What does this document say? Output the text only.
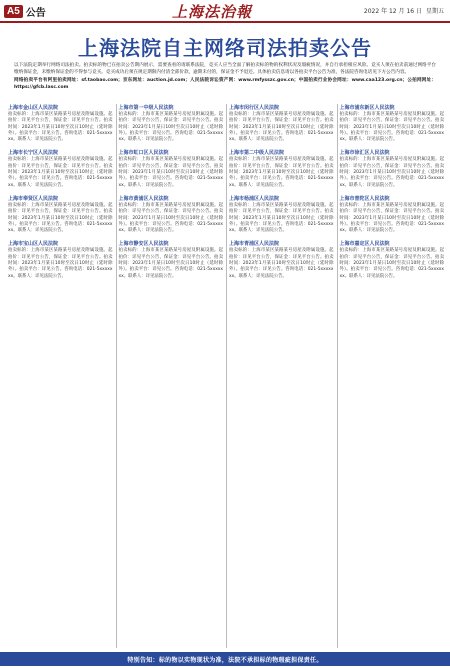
A5 公告	上海法治報	2022 年 12 月 16 日 星期五
上海法院自主网络司法拍卖公告

以下法院定期举行网络司法拍卖。拍卖标的物已在拍卖公告期内展示，需要查看的请联系法院，竞买人应当全面了解拍卖标的物的权利状况及瑕疵情况，并自行承担相应风险。竞买人须在拍卖前通过网络平台缴纳保证金，未缴纳保证金的不得参与竞买。竞买成功后须在规定期限内付清全部价款，逾期未付的，保证金不予退还。具体拍卖信息请以各拍卖平台公告为准，各法院咨询电话见下方公告内容。

网络拍卖平台有阿里拍卖网址：sf.taobao.com；京东网址：auction.jd.com；人民法院诉讼资产网：www.rmfysszc.gov.cn；中国拍卖行业协会网址：www.caa123.org.cn；公拍网网址：https://gfcb.lasc.com

上海市金山区人民法院
拍卖标的：上海市某区某路某号房屋及附属设施。起拍价：详见平台公告，保证金：详见平台公告。拍卖时间：2023年1月某日10时至次日10时止（延时除外）。拍卖平台：详见公告。咨询电话：021-5xxxxxxx。联系人：详见法院公告。
上海市长宁区人民法院
拍卖标的：上海市某区某路某号房屋及附属设施。起拍价：详见平台公告，保证金：详见平台公告。拍卖时间：2023年1月某日10时至次日10时止（延时除外）。拍卖平台：详见公告。咨询电话：021-5xxxxxxx。联系人：详见法院公告。
上海市奉贤区人民法院
拍卖标的：上海市某区某路某号房屋及附属设施。起拍价：详见平台公告，保证金：详见平台公告。拍卖时间：2023年1月某日10时至次日10时止（延时除外）。拍卖平台：详见公告。咨询电话：021-5xxxxxxx。联系人：详见法院公告。
上海市宝山区人民法院
拍卖标的：上海市某区某路某号房屋及附属设施。起拍价：详见平台公告，保证金：详见平台公告。拍卖时间：2023年1月某日10时至次日10时止（延时除外）。拍卖平台：详见公告。咨询电话：021-5xxxxxxx。联系人：详见法院公告。
上海市第一中级人民法院
拍卖标的：上海市某区某路某号房屋及附属设施。起拍价：详见平台公告，保证金：详见平台公告。拍卖时间：2023年1月某日10时至次日10时止（延时除外）。拍卖平台：详见公告。咨询电话：021-5xxxxxxx。联系人：详见法院公告。
上海市虹口区人民法院
拍卖标的：上海市某区某路某号房屋及附属设施。起拍价：详见平台公告，保证金：详见平台公告。拍卖时间：2023年1月某日10时至次日10时止（延时除外）。拍卖平台：详见公告。咨询电话：021-5xxxxxxx。联系人：详见法院公告。
上海市黄浦区人民法院
拍卖标的：上海市某区某路某号房屋及附属设施。起拍价：详见平台公告，保证金：详见平台公告。拍卖时间：2023年1月某日10时至次日10时止（延时除外）。拍卖平台：详见公告。咨询电话：021-5xxxxxxx。联系人：详见法院公告。
上海市静安区人民法院
拍卖标的：上海市某区某路某号房屋及附属设施。起拍价：详见平台公告，保证金：详见平台公告。拍卖时间：2023年1月某日10时至次日10时止（延时除外）。拍卖平台：详见公告。咨询电话：021-5xxxxxxx。联系人：详见法院公告。
上海市闵行区人民法院
拍卖标的：上海市某区某路某号房屋及附属设施。起拍价：详见平台公告，保证金：详见平台公告。拍卖时间：2023年1月某日10时至次日10时止（延时除外）。拍卖平台：详见公告。咨询电话：021-5xxxxxxx。联系人：详见法院公告。
上海市第二中级人民法院
拍卖标的：上海市某区某路某号房屋及附属设施。起拍价：详见平台公告，保证金：详见平台公告。拍卖时间：2023年1月某日10时至次日10时止（延时除外）。拍卖平台：详见公告。咨询电话：021-5xxxxxxx。联系人：详见法院公告。
上海市杨浦区人民法院
拍卖标的：上海市某区某路某号房屋及附属设施。起拍价：详见平台公告，保证金：详见平台公告。拍卖时间：2023年1月某日10时至次日10时止（延时除外）。拍卖平台：详见公告。咨询电话：021-5xxxxxxx。联系人：详见法院公告。
上海市青浦区人民法院
拍卖标的：上海市某区某路某号房屋及附属设施。起拍价：详见平台公告，保证金：详见平台公告。拍卖时间：2023年1月某日10时至次日10时止（延时除外）。拍卖平台：详见公告。咨询电话：021-5xxxxxxx。联系人：详见法院公告。
上海市浦东新区人民法院
拍卖标的：上海市某区某路某号房屋及附属设施。起拍价：详见平台公告，保证金：详见平台公告。拍卖时间：2023年1月某日10时至次日10时止（延时除外）。拍卖平台：详见公告。咨询电话：021-5xxxxxxx。联系人：详见法院公告。
上海市徐汇区人民法院
拍卖标的：上海市某区某路某号房屋及附属设施。起拍价：详见平台公告，保证金：详见平台公告。拍卖时间：2023年1月某日10时至次日10时止（延时除外）。拍卖平台：详见公告。咨询电话：021-5xxxxxxx。联系人：详见法院公告。
上海市普陀区人民法院
拍卖标的：上海市某区某路某号房屋及附属设施。起拍价：详见平台公告，保证金：详见平台公告。拍卖时间：2023年1月某日10时至次日10时止（延时除外）。拍卖平台：详见公告。咨询电话：021-5xxxxxxx。联系人：详见法院公告。
上海市嘉定区人民法院
拍卖标的：上海市某区某路某号房屋及附属设施。起拍价：详见平台公告，保证金：详见平台公告。拍卖时间：2023年1月某日10时至次日10时止（延时除外）。拍卖平台：详见公告。咨询电话：021-5xxxxxxx。联系人：详见法院公告。
特别告知：标的物以实物现状为准，法院不承担标的物瑕疵担保责任。
